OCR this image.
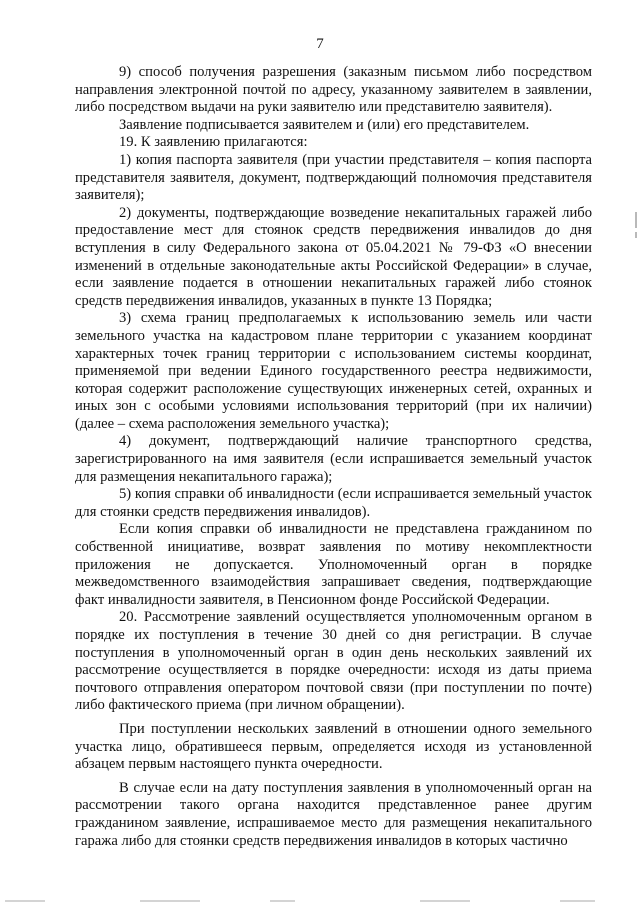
7

9) способ получения разрешения (заказным письмом либо посредством направления электронной почтой по адресу, указанному заявителем в заявлении, либо посредством выдачи на руки заявителю или представителю заявителя).

Заявление подписывается заявителем и (или) его представителем.

19. К заявлению прилагаются:

1) копия паспорта заявителя (при участии представителя – копия паспорта представителя заявителя, документ, подтверждающий полномочия представителя заявителя);

2) документы, подтверждающие возведение некапитальных гаражей либо предоставление мест для стоянок средств передвижения инвалидов до дня вступления в силу Федерального закона от 05.04.2021 № 79-ФЗ «О внесении изменений в отдельные законодательные акты Российской Федерации» в случае, если заявление подается в отношении некапитальных гаражей либо стоянок средств передвижения инвалидов, указанных в пункте 13 Порядка;

3) схема границ предполагаемых к использованию земель или части земельного участка на кадастровом плане территории с указанием координат характерных точек границ территории с использованием системы координат, применяемой при ведении Единого государственного реестра недвижимости, которая содержит расположение существующих инженерных сетей, охранных и иных зон с особыми условиями использования территорий (при их наличии) (далее – схема расположения земельного участка);

4) документ, подтверждающий наличие транспортного средства, зарегистрированного на имя заявителя (если испрашивается земельный участок для размещения некапитального гаража);

5) копия справки об инвалидности (если испрашивается земельный участок для стоянки средств передвижения инвалидов).

Если копия справки об инвалидности не представлена гражданином по собственной инициативе, возврат заявления по мотиву некомплектности приложения не допускается. Уполномоченный орган в порядке межведомственного взаимодействия запрашивает сведения, подтверждающие факт инвалидности заявителя, в Пенсионном фонде Российской Федерации.

20. Рассмотрение заявлений осуществляется уполномоченным органом в порядке их поступления в течение 30 дней со дня регистрации. В случае поступления в уполномоченный орган в один день нескольких заявлений их рассмотрение осуществляется в порядке очередности: исходя из даты приема почтового отправления оператором почтовой связи (при поступлении по почте) либо фактического приема (при личном обращении).

При поступлении нескольких заявлений в отношении одного земельного участка лицо, обратившееся первым, определяется исходя из установленной абзацем первым настоящего пункта очередности.

В случае если на дату поступления заявления в уполномоченный орган на рассмотрении такого органа находится представленное ранее другим гражданином заявление, испрашиваемое место для размещения некапитального гаража либо для стоянки средств передвижения инвалидов в которых частично
